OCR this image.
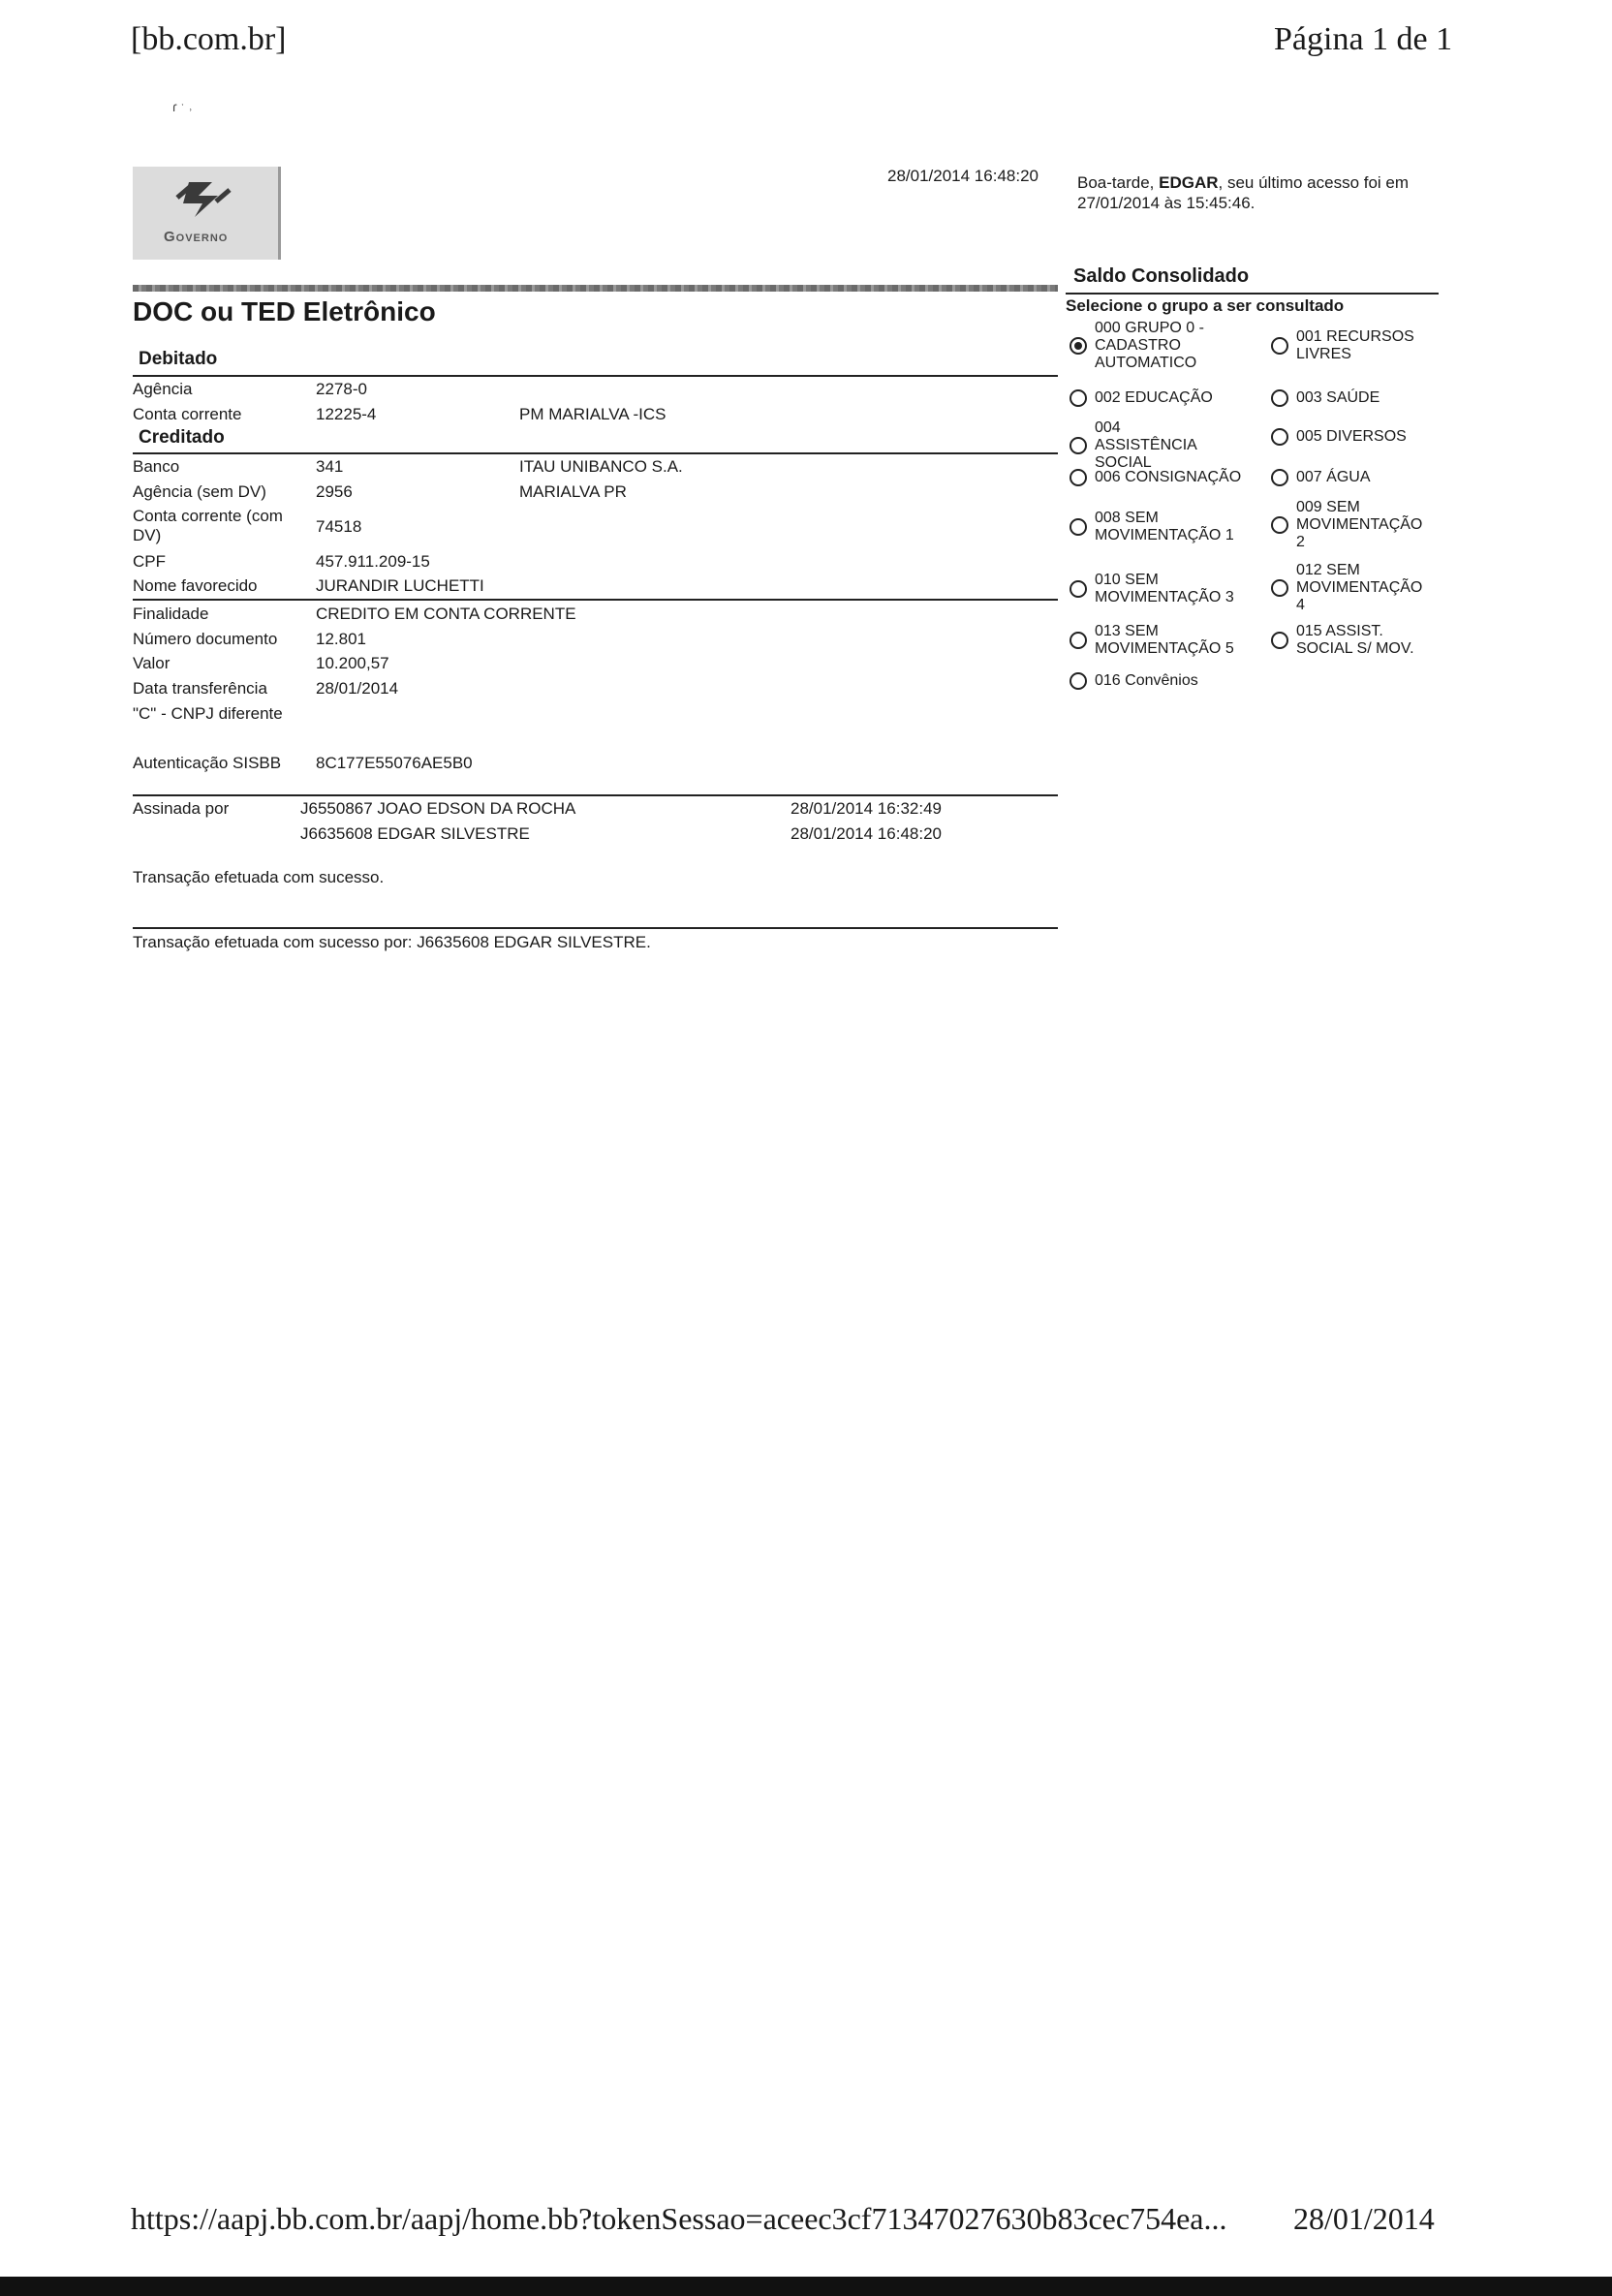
[bb.com.br]	Página 1 de 1
ɾ ˑ ˒
Governo
28/01/2014 16:48:20 Boa-tarde, EDGAR, seu último acesso foi em 27/01/2014 às 15:45:46.
DOC ou TED Eletrônico
Debitado
Agência	2278-0
Conta corrente	12225-4	PM MARIALVA -ICS
Creditado
Banco	341	ITAU UNIBANCO S.A.
Agência (sem DV)	2956	MARIALVA PR
Conta corrente (com DV)	74518
CPF	457.911.209-15
Nome favorecido	JURANDIR LUCHETTI
Finalidade	CREDITO EM CONTA CORRENTE
Número documento 12.801
Valor	10.200,57
Data transferência	28/01/2014
"C" - CNPJ diferente
Autenticação SISBB 8C177E55076AE5B0
Assinada por	J6550867 JOAO EDSON DA ROCHA	28/01/2014 16:32:49
J6635608 EDGAR SILVESTRE	28/01/2014 16:48:20
Transação efetuada com sucesso.
Transação efetuada com sucesso por: J6635608 EDGAR SILVESTRE.
Saldo Consolidado
Selecione o grupo a ser consultado
000 GRUPO 0 - CADASTRO AUTOMATICO
001 RECURSOS LIVRES
002 EDUCAÇÃO	003 SAÚDE
004 ASSISTÊNCIA SOCIAL
005 DIVERSOS
006 CONSIGNAÇÃO	007 ÁGUA
008 SEM MOVIMENTAÇÃO 1
009 SEM MOVIMENTAÇÃO 2
010 SEM MOVIMENTAÇÃO 3
012 SEM MOVIMENTAÇÃO 4
013 SEM MOVIMENTAÇÃO 5
015 ASSIST. SOCIAL S/ MOV.
016 Convênios
https://aapj.bb.com.br/aapj/home.bb?tokenSessao=aceec3cf71347027630b83cec754ea... 28/01/2014
